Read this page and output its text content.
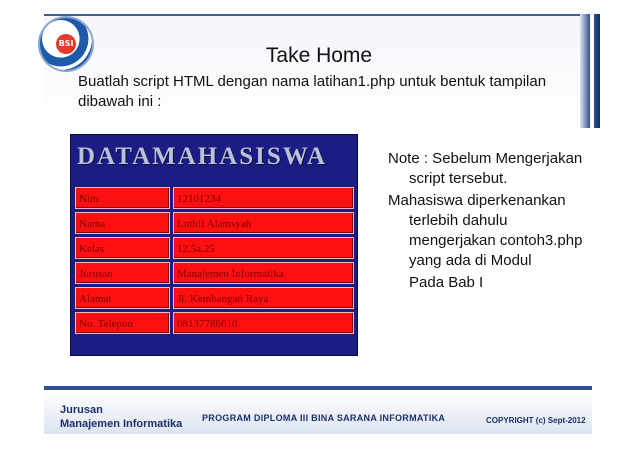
BSI
Take Home
Buatlah script HTML dengan nama latihan1.php untuk bentuk tampilan dibawah ini :
DATAMAHASISWA
Nim	12101234
Nama	Luthfi Alamsyah
Kelas	12.5a.25
Jurusan	Manajemen Informatika
Alamat	Jl. Kembangan Raya
No. Telepon	08137786610

Note : Sebelum Mengerjakan script tersebut.

Mahasiswa diperkenankan terlebih dahulu mengerjakan contoh3.php yang ada di Modul

Pada Bab I

Jurusan
Manajemen Informatika PROGRAM DIPLOMA III BINA SARANA INFORMATIKA	COPYRIGHT (c) Sept-2012
